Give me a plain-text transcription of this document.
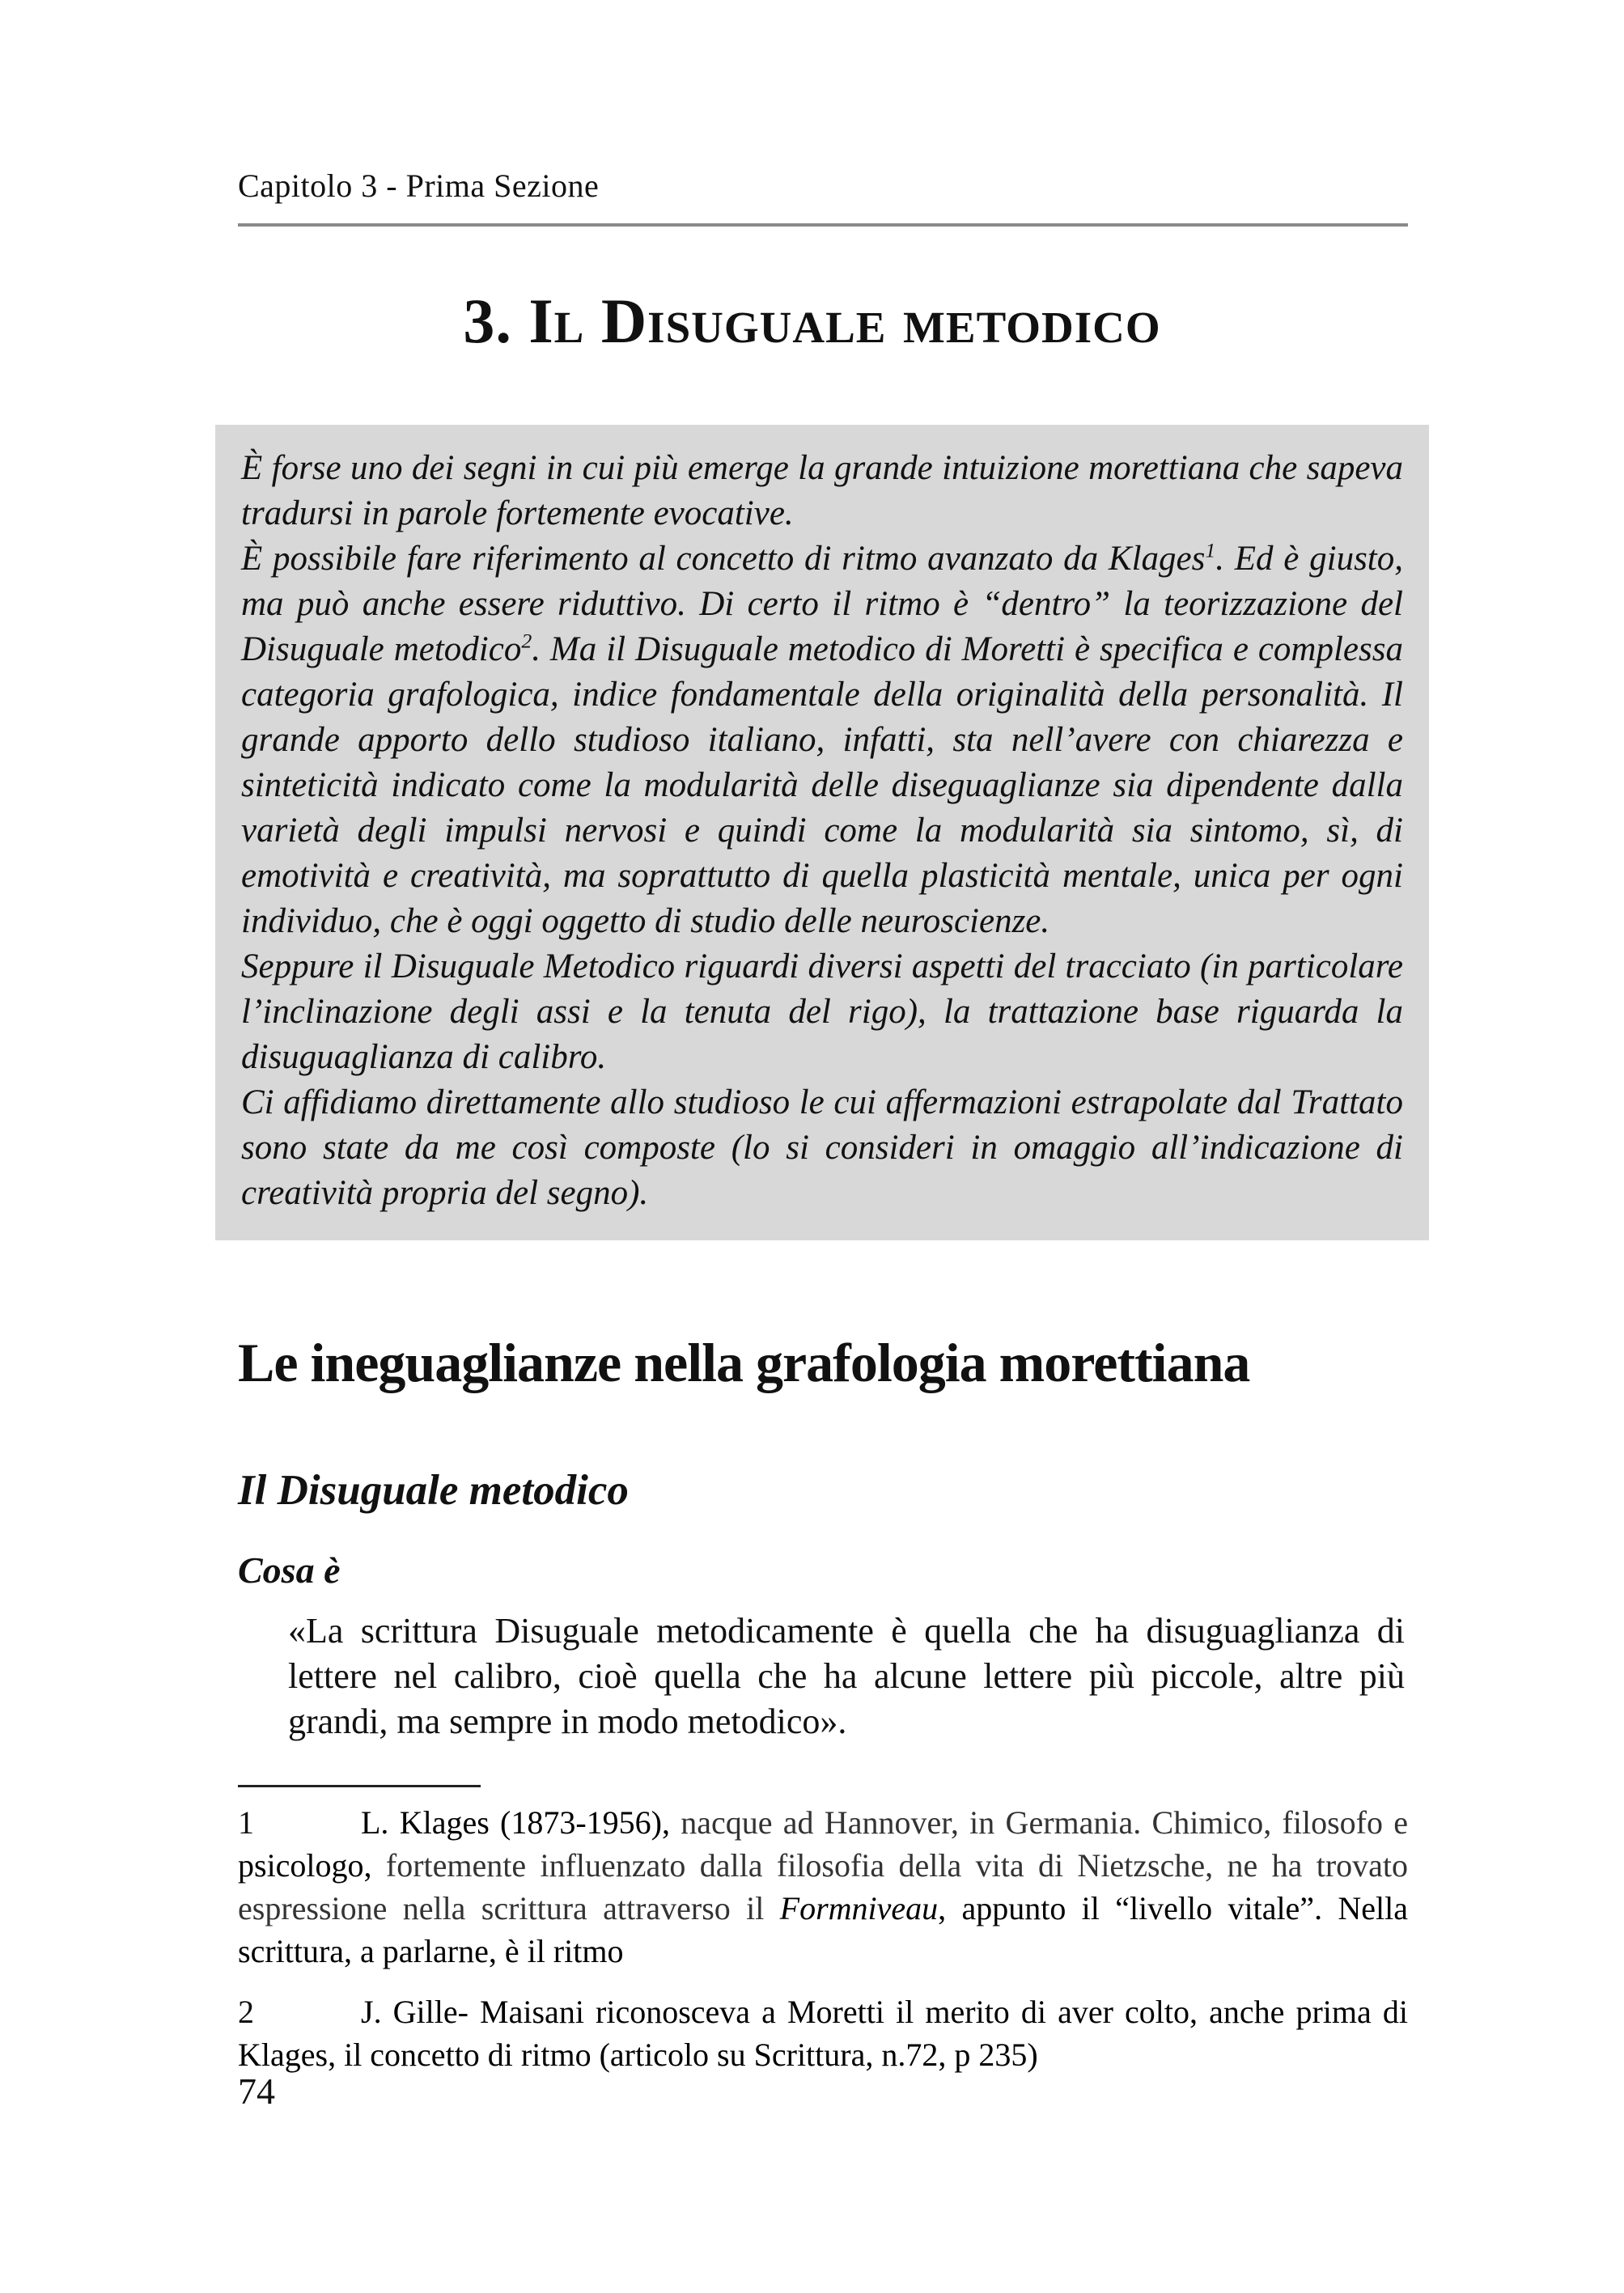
Capitolo 3 - Prima Sezione
3. Il Disuguale metodico

È forse uno dei segni in cui più emerge la grande intuizione morettiana che sapeva tradursi in parole fortemente evocative.

È possibile fare riferimento al concetto di ritmo avanzato da Klages$^1$. Ed è giusto, ma può anche essere riduttivo. Di certo il ritmo è “dentro” la teorizzazione del Disuguale metodico$^2$. Ma il Disuguale metodico di Moretti è specifica e complessa categoria grafologica, indice fondamentale della originalità della personalità. Il grande apporto dello studioso italiano, infatti, sta nell’avere con chiarezza e sinteticità indicato come la modularità delle diseguaglianze sia dipendente dalla varietà degli impulsi nervosi e quindi come la modularità sia sintomo, sì, di emotività e creatività, ma soprattutto di quella plasticità mentale, unica per ogni individuo, che è oggi oggetto di studio delle neuroscienze.

Seppure il Disuguale Metodico riguardi diversi aspetti del tracciato (in particolare l’inclinazione degli assi e la tenuta del rigo), la trattazione base riguarda la disuguaglianza di calibro.

Ci affidiamo direttamente allo studioso le cui affermazioni estrapolate dal Trattato sono state da me così composte (lo si consideri in omaggio all’indicazione di creatività propria del segno).

Le ineguaglianze nella grafologia morettiana
Il Disuguale metodico
Cosa è
«La scrittura Disuguale metodicamente è quella che ha disuguaglianza di lettere nel calibro, cioè quella che ha alcune lettere più piccole, altre più grandi, ma sempre in modo metodico».

1	L. Klages (1873-1956), nacque ad Hannover, in Germania. Chimico, filosofo e psicologo, fortemente influenzato dalla filosofia della vita di Nietzsche, ne ha trovato espressione nella scrittura attraverso il Formniveau, appunto il “livello vitale”. Nella scrittura, a parlarne, è il ritmo

2	J. Gille- Maisani riconosceva a Moretti il merito di aver colto, anche prima di Klages, il concetto di ritmo (articolo su Scrittura, n.72, p 235)

74
